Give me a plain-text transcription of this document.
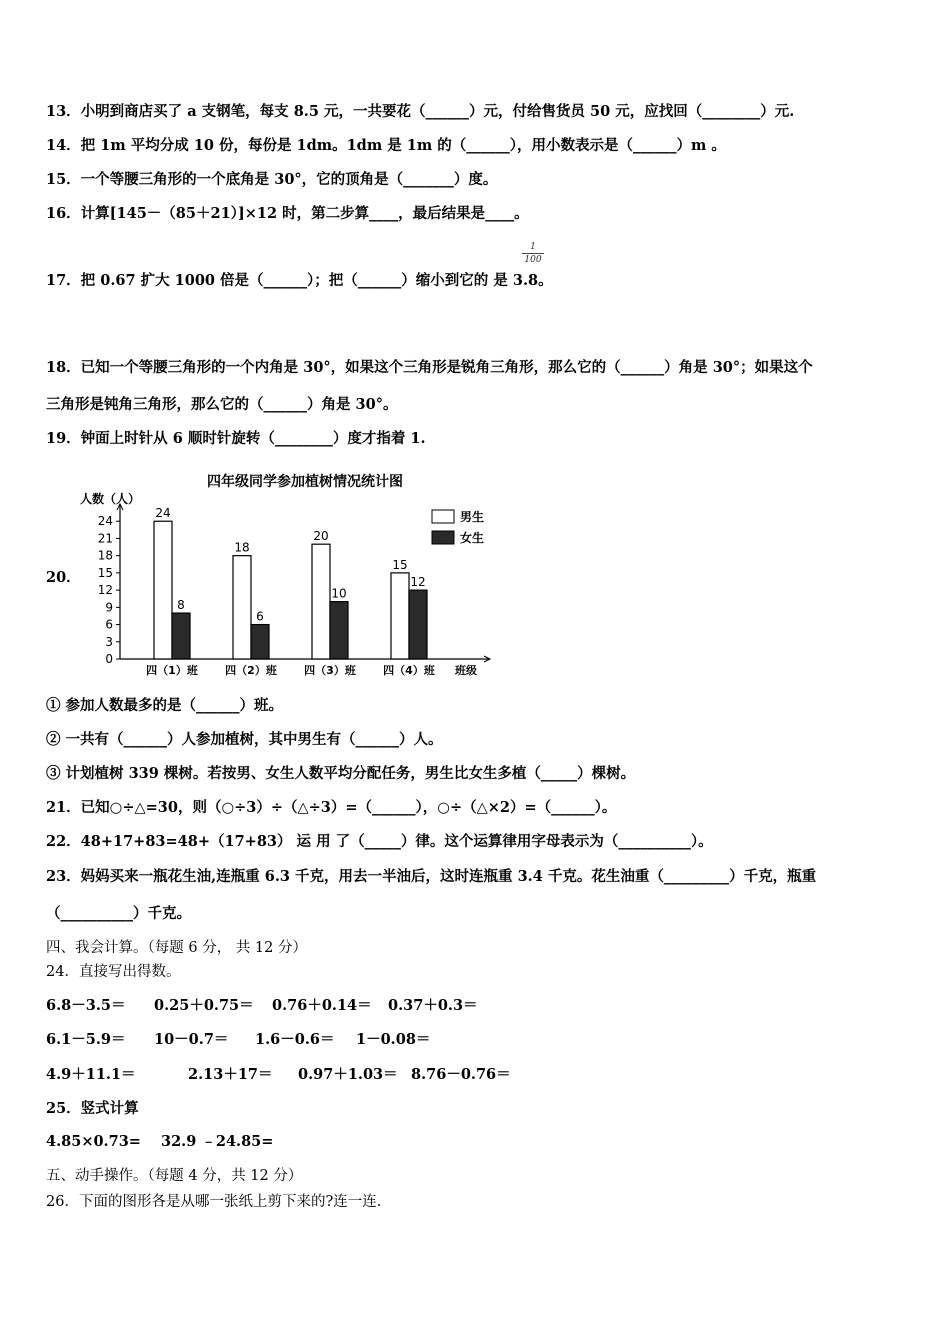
13．小明到商店买了 a 支钢笔，每支 8.5 元，一共要花（______）元，付给售货员 50 元，应找回（________）元.
14．把 1m 平均分成 10 份，每份是 1dm。1dm 是 1m 的（______），用小数表示是（______）m 。
15．一个等腰三角形的一个底角是 30°，它的顶角是（_______）度。
16．计算[145－（85＋21）]×12 时，第二步算____，最后结果是____。
17．把 0.67 扩大 1000 倍是（______）；把（______）缩小到它的 是 3.8。
1
100
18．已知一个等腰三角形的一个内角是 30°，如果这个三角形是锐角三角形，那么它的（______）角是 30°；如果这个
三角形是钝角三角形，那么它的（______）角是 30°。
19．钟面上时针从 6 顺时针旋转（________）度才指着 1.
20．
四年级同学参加植树情况统计图
人数（人）
0
3
6
9
12
15
18
21
24
24
8
四（1）班
18
6
四（2）班
20
10
四（3）班
15
12
四（4）班 班级
男生
女生
① 参加人数最多的是（______）班。
② 一共有（______）人参加植树，其中男生有（______）人。
③ 计划植树 339 棵树。若按男、女生人数平均分配任务，男生比女生多植（_____）棵树。
21．已知○÷△=30，则（○÷3）÷（△÷3）=（______），○÷（△×2）=（______）。
22．48+17+83=48+（17+83） 运 用 了（_____）律。这个运算律用字母表示为（__________）。
23．妈妈买来一瓶花生油,连瓶重 6.3 千克，用去一半油后，这时连瓶重 3.4 千克。花生油重（_________）千克，瓶重
（__________）千克。
四、我会计算。（每题 6 分， 共 12 分）
24．直接写出得数。
6.8－3.5＝ 0.25＋0.75＝ 0.76＋0.14＝ 0.37＋0.3＝
6.1－5.9＝ 10－0.7＝ 1.6－0.6＝ 1－0.08＝
4.9＋11.1＝	2.13＋17＝ 0.97＋1.03＝ 8.76－0.76＝
25．竖式计算
4.85×0.73= 32.9 ﹣24.85=
五、动手操作。（每题 4 分，共 12 分）
26．下面的图形各是从哪一张纸上剪下来的?连一连.
